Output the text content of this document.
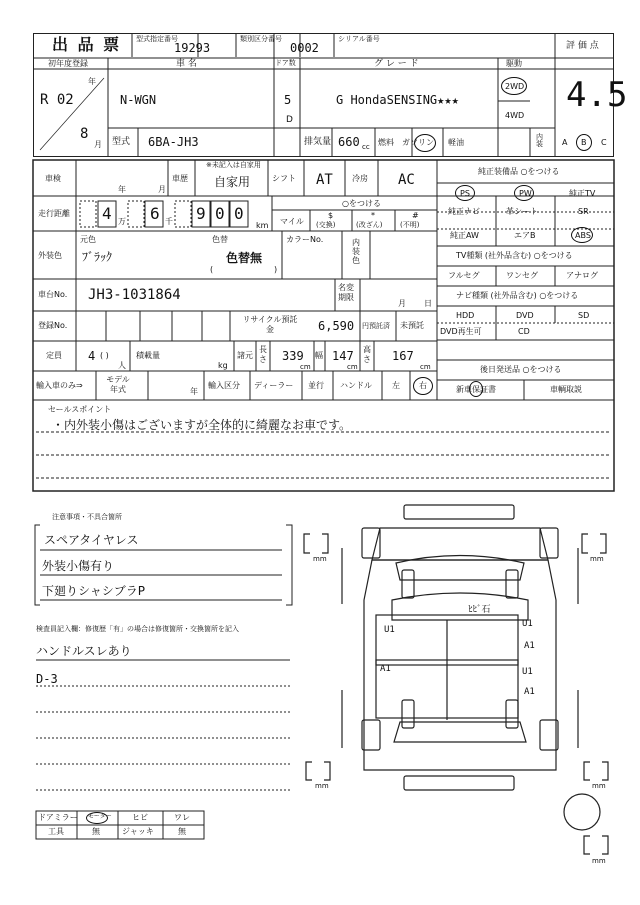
出 品 票 型式指定番号
19293
類別区分番号
0002
シリアル番号
評 価 点
4.5
初年度登録
年
R 02
8
月
車 名
N-WGN
ドア数
5
D
グ レ ー ド
G HondaSENSING★★★
駆動
2WD
4WD
型式 6BA-JH3	排気量 660 cc 燃料 ガソリン 軽油
内装 A B C
車検
年	月
車歴
※未記入は自家用
自家用	シフト AT 冷房 AC
走行距離 4 万 6 千 9 0 0
km マイル
○をつける
$
(交換)
*
(改ざん)
#
(不明)
外装色
元色
ﾌﾞﾗｯｸ
色替
色替無
(	)
カラーNo.	内装色
車台No. JH3-1031864	名変期限
月 日
登録No.
リサイクル預託金	6,590 円預託済 未預託
定員 4 ( )
人
積載量
kg
諸元
長さ 339
cm
幅 147
cm
高さ 167
cm
輸入車のみ⇒
モデル年式	年
輸入区分 ディーラー 並行 ハンドル	左 右
純正装備品 ○をつける
PS	PW	純正TV
純正ナビ	革シート	SR
純正AW	エアB	ABS
TV種類 (社外品含む) ○をつける
フルセグ	ワンセグ	アナログ
ナビ種類 (社外品含む) ○をつける
HDD	DVD	SD
DVD再生可	CD
後日発送品 ○をつける
新車保証書	車輌取説
セールスポイント
・内外装小傷はございますが全体的に綺麗なお車です。
注意事項・不具合箇所
スペアタイヤレス
外装小傷有り
下廻りシャシブラP
検査員記入欄：修復歴「有」の場合は修復箇所・交換箇所を記入
ハンドルスレあり
D-3
ﾋﾋﾞ石
U1
U1
A1
A1	U1
A1
mm	mm
mm	mm
mm
ドアミラー モーター	ヒビ	ワレ
工具	無	ジャッキ	無
